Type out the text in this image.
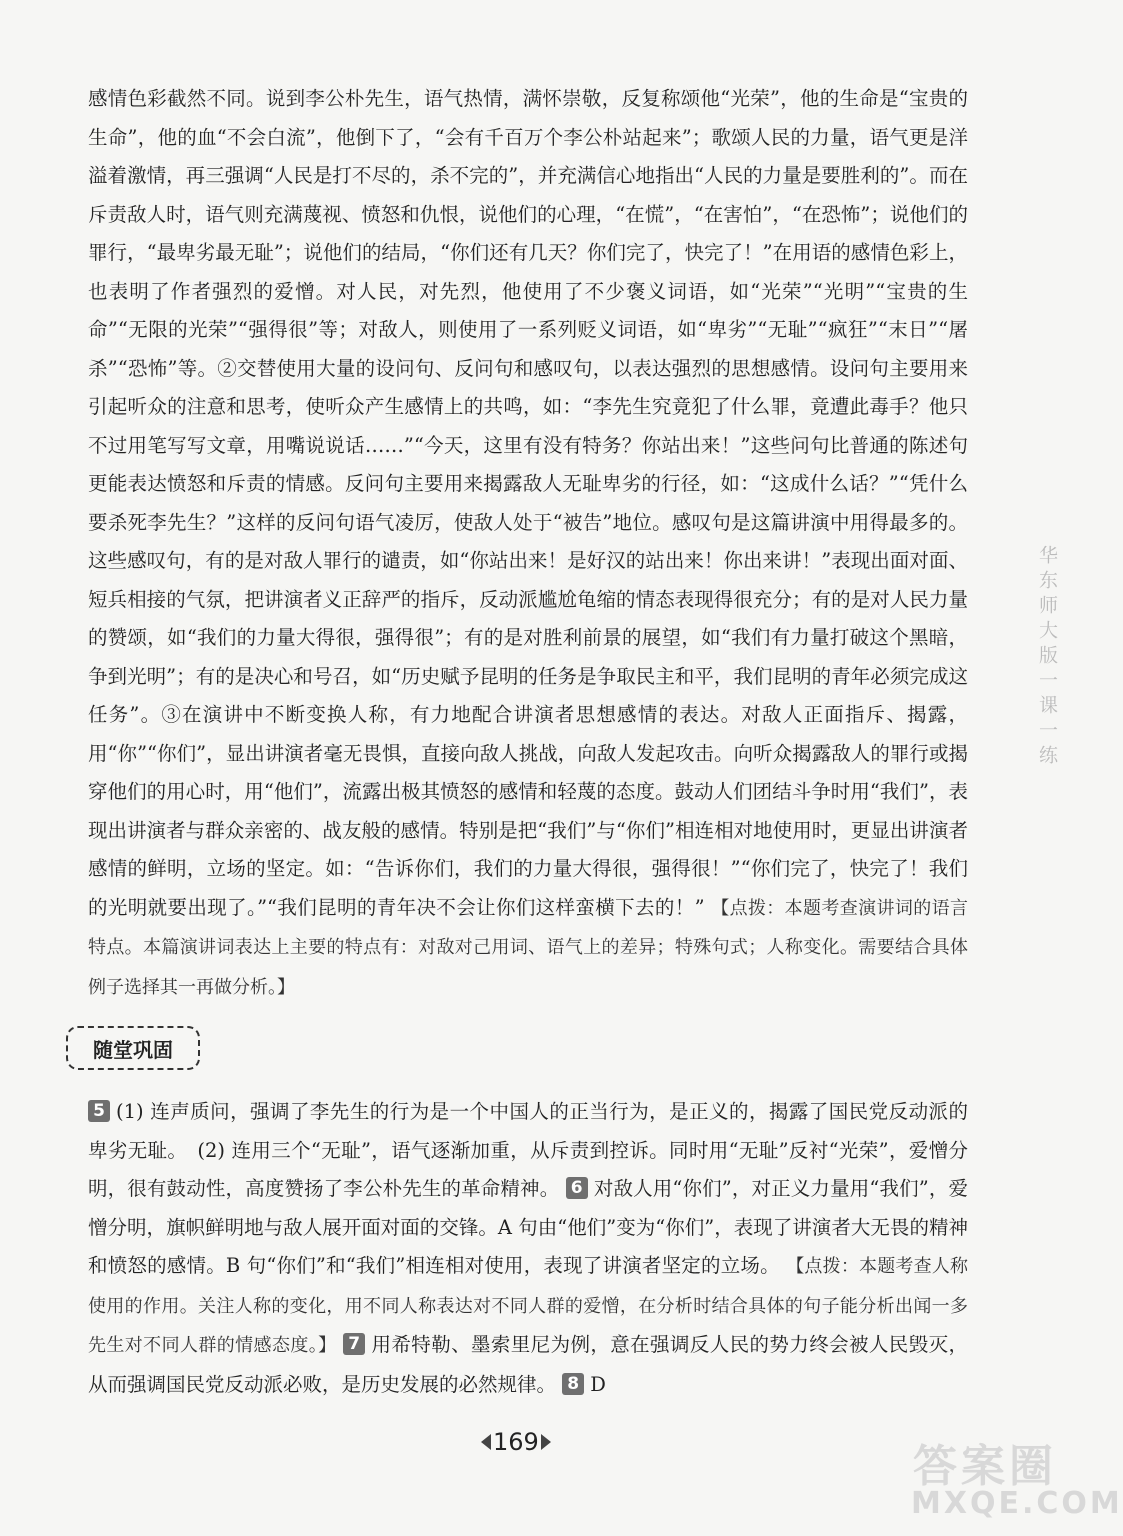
感情色彩截然不同。说到李公朴先生，语气热情，满怀崇敬，反复称颂他“光荣”，他的生命是“宝贵的生命”，他的血“不会白流”，他倒下了，“会有千百万个李公朴站起来”；歌颂人民的力量，语气更是洋溢着激情，再三强调“人民是打不尽的，杀不完的”，并充满信心地指出“人民的力量是要胜利的”。而在斥责敌人时，语气则充满蔑视、愤怒和仇恨，说他们的心理，“在慌”，“在害怕”，“在恐怖”；说他们的罪行，“最卑劣最无耻”；说他们的结局，“你们还有几天？你们完了，快完了！”在用语的感情色彩上，也表明了作者强烈的爱憎。对人民，对先烈，他使用了不少褒义词语，如“光荣”“光明”“宝贵的生命”“无限的光荣”“强得很”等；对敌人，则使用了一系列贬义词语，如“卑劣”“无耻”“疯狂”“末日”“屠杀”“恐怖”等。②交替使用大量的设问句、反问句和感叹句，以表达强烈的思想感情。设问句主要用来引起听众的注意和思考，使听众产生感情上的共鸣，如：“李先生究竟犯了什么罪，竟遭此毒手？他只不过用笔写写文章，用嘴说说话……”“今天，这里有没有特务？你站出来！”这些问句比普通的陈述句更能表达愤怒和斥责的情感。反问句主要用来揭露敌人无耻卑劣的行径，如：“这成什么话？”“凭什么要杀死李先生？”这样的反问句语气凌厉，使敌人处于“被告”地位。感叹句是这篇讲演中用得最多的。这些感叹句，有的是对敌人罪行的谴责，如“你站出来！是好汉的站出来！你出来讲！”表现出面对面、短兵相接的气氛，把讲演者义正辞严的指斥，反动派尴尬龟缩的情态表现得很充分；有的是对人民力量的赞颂，如“我们的力量大得很，强得很”；有的是对胜利前景的展望，如“我们有力量打破这个黑暗，争到光明”；有的是决心和号召，如“历史赋予昆明的任务是争取民主和平，我们昆明的青年必须完成这任务”。③在演讲中不断变换人称，有力地配合讲演者思想感情的表达。对敌人正面指斥、揭露，用“你”“你们”，显出讲演者毫无畏惧，直接向敌人挑战，向敌人发起攻击。向听众揭露敌人的罪行或揭穿他们的用心时，用“他们”，流露出极其愤怒的感情和轻蔑的态度。鼓动人们团结斗争时用“我们”，表现出讲演者与群众亲密的、战友般的感情。特别是把“我们”与“你们”相连相对地使用时，更显出讲演者感情的鲜明，立场的坚定。如：“告诉你们，我们的力量大得很，强得很！”“你们完了，快完了！我们的光明就要出现了。”“我们昆明的青年决不会让你们这样蛮横下去的！” 【点拨：本题考查演讲词的语言特点。本篇演讲词表达上主要的特点有：对敌对己用词、语气上的差异；特殊句式；人称变化。需要结合具体例子选择其一再做分析。】
随堂巩固
5 (1) 连声质问，强调了李先生的行为是一个中国人的正当行为，是正义的，揭露了国民党反动派的卑劣无耻。　(2) 连用三个“无耻”，语气逐渐加重，从斥责到控诉。同时用“无耻”反衬“光荣”，爱憎分明，很有鼓动性，高度赞扬了李公朴先生的革命精神。 6 对敌人用“你们”，对正义力量用“我们”，爱憎分明，旗帜鲜明地与敌人展开面对面的交锋。A 句由“他们”变为“你们”，表现了讲演者大无畏的精神和愤怒的感情。B 句“你们”和“我们”相连相对使用，表现了讲演者坚定的立场。 【点拨：本题考查人称使用的作用。关注人称的变化，用不同人称表达对不同人群的爱憎，在分析时结合具体的句子能分析出闻一多先生对不同人群的情感态度。】 7 用希特勒、墨索里尼为例，意在强调反人民的势力终会被人民毁灭，从而强调国民党反动派必败，是历史发展的必然规律。 8 D
华东师大版一课一练
169	答案圈
MXQE.COM
